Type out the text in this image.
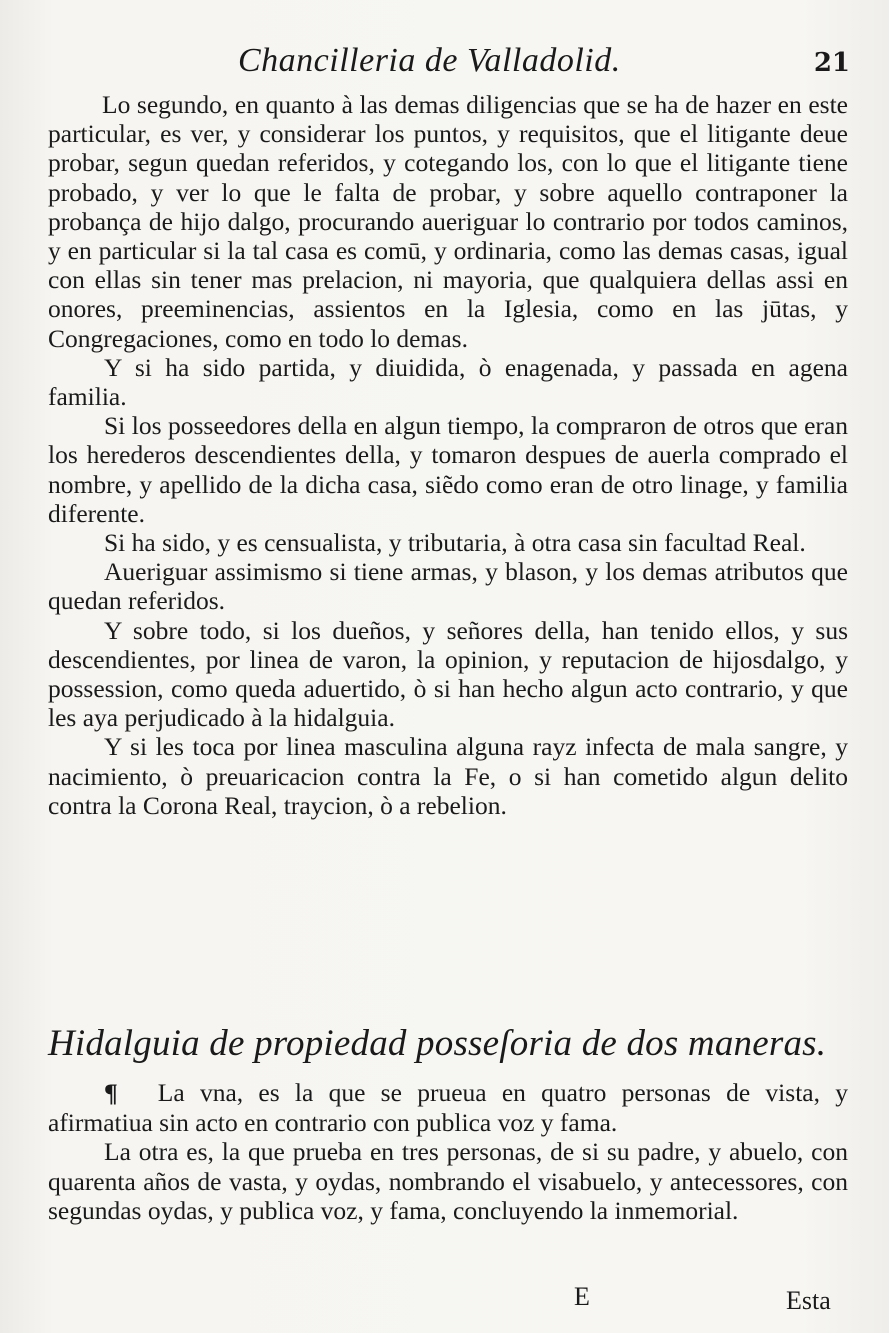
Chancilleria de Valladolid.	21

Lo segundo, en quanto à las demas diligencias que se ha de hazer en este particular, es ver, y considerar los puntos, y requisitos, que el litigante deue probar, segun quedan referidos, y cotegando los, con lo que el litigante tiene probado, y ver lo que le falta de probar, y sobre aquello contraponer la probança de hijo dalgo, procurando aueriguar lo contrario por todos caminos, y en particular si la tal casa es comū, y ordinaria, como las demas casas, igual con ellas sin tener mas prelacion, ni mayoria, que qualquiera dellas assi en onores, preeminencias, assientos en la Iglesia, como en las jūtas, y Congregaciones, como en todo lo demas.

Y si ha sido partida, y diuidida, ò enagenada, y passada en agena familia.

Si los posseedores della en algun tiempo, la compraron de otros que eran los herederos descendientes della, y tomaron despues de auerla comprado el nombre, y apellido de la dicha casa, siẽdo como eran de otro linage, y familia diferente.

Si ha sido, y es censualista, y tributaria, à otra casa sin facultad Real.

Aueriguar assimismo si tiene armas, y blason, y los demas atributos que quedan referidos.

Y sobre todo, si los dueños, y señores della, han tenido ellos, y sus descendientes, por linea de varon, la opinion, y reputacion de hijosdalgo, y possession, como queda aduertido, ò si han hecho algun acto contrario, y que les aya perjudicado à la hidalguia.

Y si les toca por linea masculina alguna rayz infecta de mala sangre, y nacimiento, ò preuaricacion contra la Fe, o si han cometido algun delito contra la Corona Real, traycion, ò a rebelion.

Hidalguia de propiedad posseſoria de dos maneras.

¶ La vna, es la que se prueua en quatro personas de vista, y afirmatiua sin acto en contrario con publica voz y fama.

La otra es, la que prueba en tres personas, de si su padre, y abuelo, con quarenta años de vasta, y oydas, nombrando el visabuelo, y antecessores, con segundas oydas, y publica voz, y fama, concluyendo la inmemorial.

E	Esta
